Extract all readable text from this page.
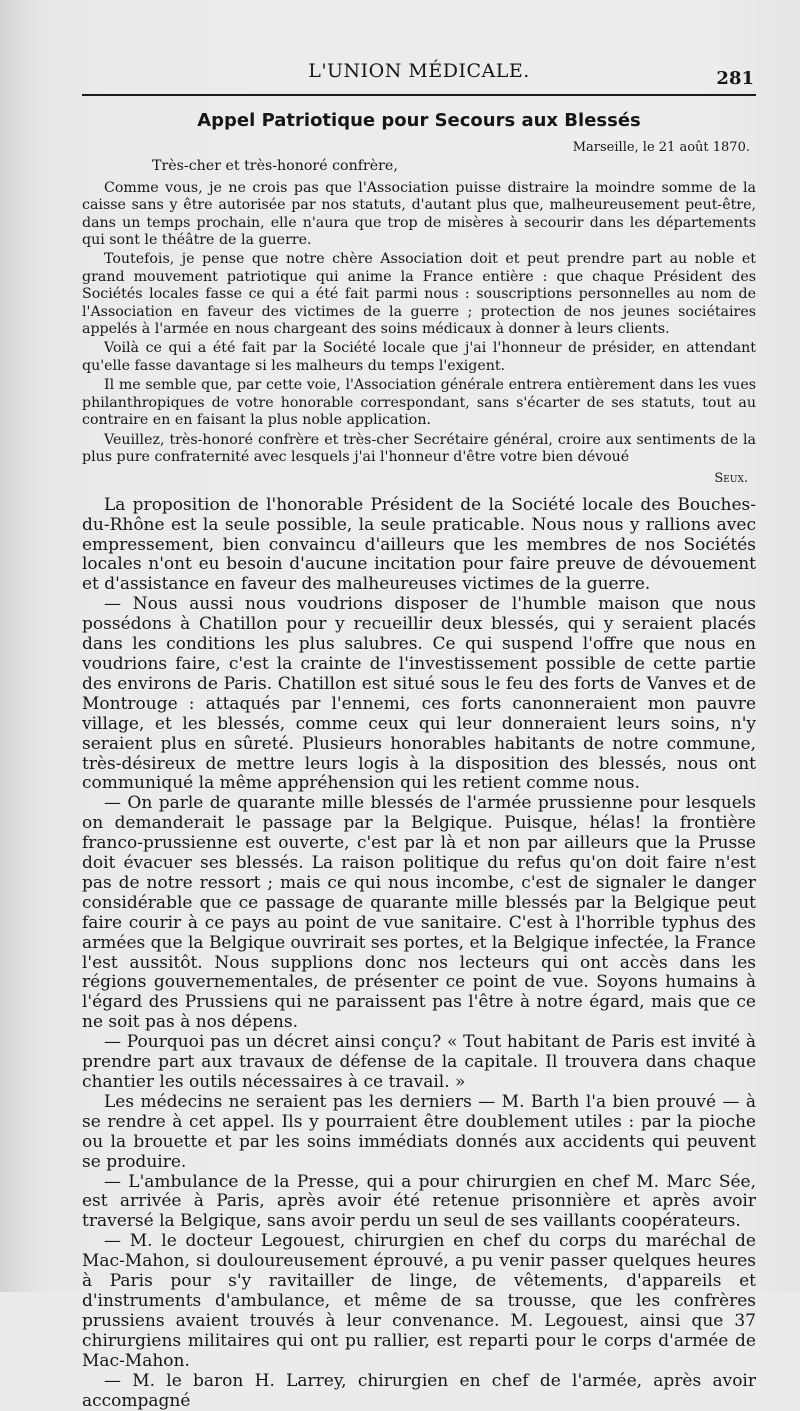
L'UNION MÉDICALE.	281
Appel Patriotique pour Secours aux Blessés
Marseille, le 21 août 1870.
Très-cher et très-honoré confrère,

Comme vous, je ne crois pas que l'Association puisse distraire la moindre somme de la caisse sans y être autorisée par nos statuts, d'autant plus que, malheureusement peut-être, dans un temps prochain, elle n'aura que trop de misères à secourir dans les départements qui sont le théâtre de la guerre.

Toutefois, je pense que notre chère Association doit et peut prendre part au noble et grand mouvement patriotique qui anime la France entière : que chaque Président des Sociétés locales fasse ce qui a été fait parmi nous : souscriptions personnelles au nom de l'Association en faveur des victimes de la guerre ; protection de nos jeunes sociétaires appelés à l'armée en nous chargeant des soins médicaux à donner à leurs clients.

Voilà ce qui a été fait par la Société locale que j'ai l'honneur de présider, en attendant qu'elle fasse davantage si les malheurs du temps l'exigent.

Il me semble que, par cette voie, l'Association générale entrera entièrement dans les vues philanthropiques de votre honorable correspondant, sans s'écarter de ses statuts, tout au contraire en en faisant la plus noble application.

Veuillez, très-honoré confrère et très-cher Secrétaire général, croire aux sentiments de la plus pure confraternité avec lesquels j'ai l'honneur d'être votre bien dévoué

Seux.

La proposition de l'honorable Président de la Société locale des Bouches-du-Rhône est la seule possible, la seule praticable. Nous nous y rallions avec empressement, bien convaincu d'ailleurs que les membres de nos Sociétés locales n'ont eu besoin d'aucune incitation pour faire preuve de dévouement et d'assistance en faveur des malheureuses victimes de la guerre.

— Nous aussi nous voudrions disposer de l'humble maison que nous possédons à Chatillon pour y recueillir deux blessés, qui y seraient placés dans les conditions les plus salubres. Ce qui suspend l'offre que nous en voudrions faire, c'est la crainte de l'investissement possible de cette partie des environs de Paris. Chatillon est situé sous le feu des forts de Vanves et de Montrouge : attaqués par l'ennemi, ces forts canonneraient mon pauvre village, et les blessés, comme ceux qui leur donneraient leurs soins, n'y seraient plus en sûreté. Plusieurs honorables habitants de notre commune, très-désireux de mettre leurs logis à la disposition des blessés, nous ont communiqué la même appréhension qui les retient comme nous.

— On parle de quarante mille blessés de l'armée prussienne pour lesquels on demanderait le passage par la Belgique. Puisque, hélas! la frontière franco-prussienne est ouverte, c'est par là et non par ailleurs que la Prusse doit évacuer ses blessés. La raison politique du refus qu'on doit faire n'est pas de notre ressort ; mais ce qui nous incombe, c'est de signaler le danger considérable que ce passage de quarante mille blessés par la Belgique peut faire courir à ce pays au point de vue sanitaire. C'est à l'horrible typhus des armées que la Belgique ouvrirait ses portes, et la Belgique infectée, la France l'est aussitôt. Nous supplions donc nos lecteurs qui ont accès dans les régions gouvernementales, de présenter ce point de vue. Soyons humains à l'égard des Prussiens qui ne paraissent pas l'être à notre égard, mais que ce ne soit pas à nos dépens.

— Pourquoi pas un décret ainsi conçu? « Tout habitant de Paris est invité à prendre part aux travaux de défense de la capitale. Il trouvera dans chaque chantier les outils nécessaires à ce travail. »

Les médecins ne seraient pas les derniers — M. Barth l'a bien prouvé — à se rendre à cet appel. Ils y pourraient être doublement utiles : par la pioche ou la brouette et par les soins immédiats donnés aux accidents qui peuvent se produire.

— L'ambulance de la Presse, qui a pour chirurgien en chef M. Marc Sée, est arrivée à Paris, après avoir été retenue prisonnière et après avoir traversé la Belgique, sans avoir perdu un seul de ses vaillants coopérateurs.

— M. le docteur Legouest, chirurgien en chef du corps du maréchal de Mac-Mahon, si douloureusement éprouvé, a pu venir passer quelques heures à Paris pour s'y ravitailler de linge, de vêtements, d'appareils et d'instruments d'ambulance, et même de sa trousse, que les confrères prussiens avaient trouvés à leur convenance. M. Legouest, ainsi que 37 chirurgiens militaires qui ont pu rallier, est reparti pour le corps d'armée de Mac-Mahon.

— M. le baron H. Larrey, chirurgien en chef de l'armée, après avoir accompagné
